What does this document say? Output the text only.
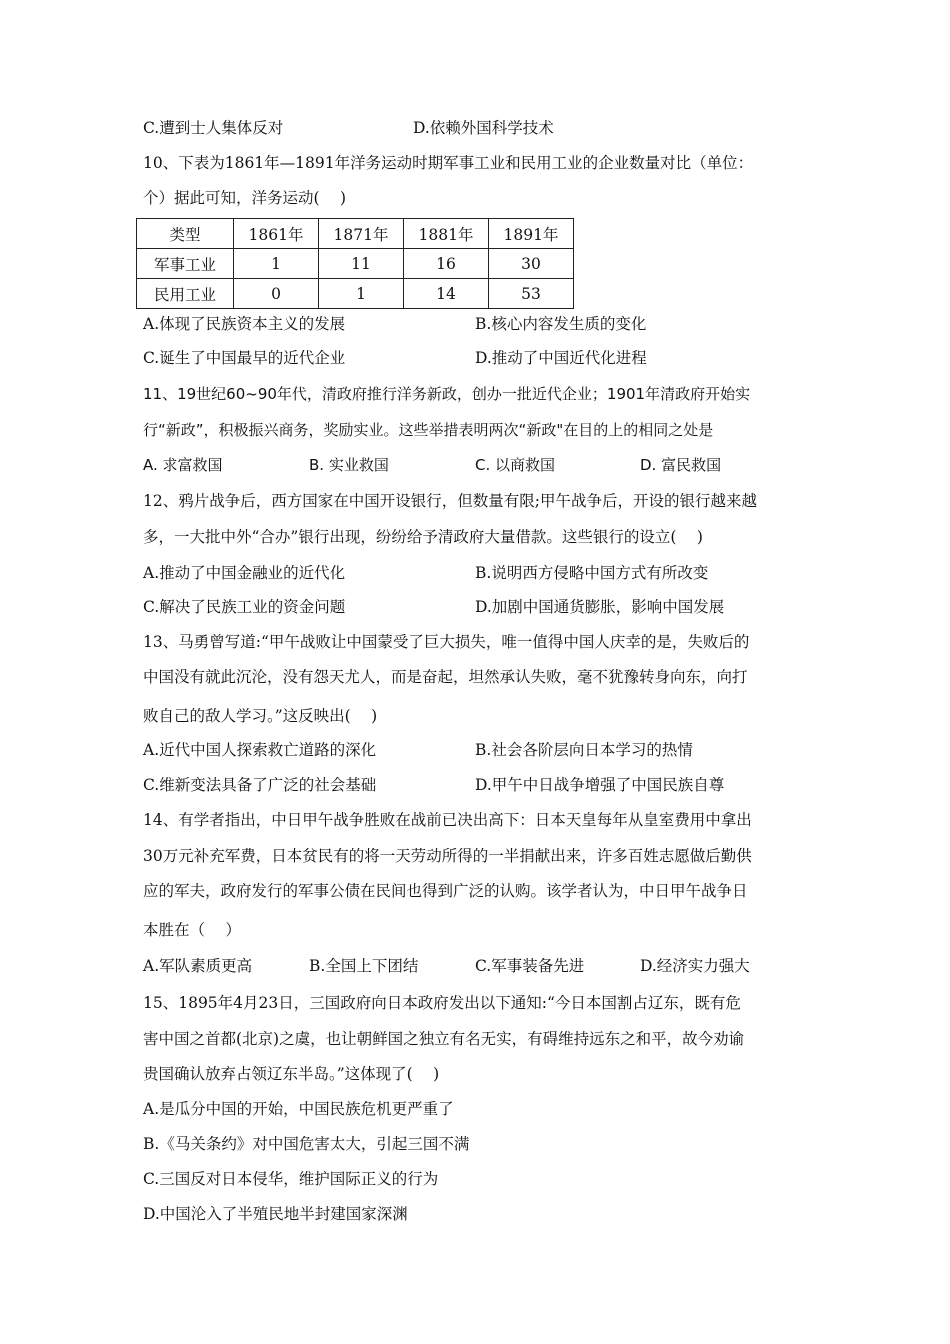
C.遭到士人集体反对	D.依赖外国科学技术
10、下表为1861年—1891年洋务运动时期军事工业和民用工业的企业数量对比（单位：
个）据此可知，洋务运动(　 )
类型	1861年	1871年	1881年	1891年
军事工业	1	11	16	30
民用工业	0	1	14	53
A.体现了民族资本主义的发展	B.核心内容发生质的变化
C.诞生了中国最早的近代企业	D.推动了中国近代化进程
11、19世纪60~90年代，清政府推行洋务新政，创办一批近代企业；1901年清政府开始实
行“新政”，积极振兴商务，奖励实业。这些举措表明两次“新政"在目的上的相同之处是
A. 求富救国	B. 实业救国	C. 以商救国	D. 富民救国
12、鸦片战争后，西方国家在中国开设银行，但数量有限;甲午战争后，开设的银行越来越
多，一大批中外“合办”银行出现，纷纷给予清政府大量借款。这些银行的设立(　 )
A.推动了中国金融业的近代化	B.说明西方侵略中国方式有所改变
C.解决了民族工业的资金问题	D.加剧中国通货膨胀，影响中国发展
13、马勇曾写道:“甲午战败让中国蒙受了巨大损失，唯一值得中国人庆幸的是，失败后的
中国没有就此沉沦，没有怨天尤人，而是奋起，坦然承认失败，毫不犹豫转身向东，向打
败自己的敌人学习。”这反映出(　 )
A.近代中国人探索救亡道路的深化	B.社会各阶层向日本学习的热情
C.维新变法具备了广泛的社会基础	D.甲午中日战争增强了中国民族自尊
14、有学者指出，中日甲午战争胜败在战前已决出高下：日本天皇每年从皇室费用中拿出
30万元补充军费，日本贫民有的将一天劳动所得的一半捐献出来，许多百姓志愿做后勤供
应的军夫，政府发行的军事公债在民间也得到广泛的认购。该学者认为，中日甲午战争日
本胜在（　 ）
A.军队素质更高	B.全国上下团结	C.军事装备先进	D.经济实力强大
15、1895年4月23日，三国政府向日本政府发出以下通知:“今日本国割占辽东，既有危
害中国之首都(北京)之虞，也让朝鲜国之独立有名无实，有碍维持远东之和平，故今劝谕
贵国确认放弃占领辽东半岛。”这体现了(　 )
A.是瓜分中国的开始，中国民族危机更严重了
B.《马关条约》对中国危害太大，引起三国不满
C.三国反对日本侵华，维护国际正义的行为
D.中国沦入了半殖民地半封建国家深渊
